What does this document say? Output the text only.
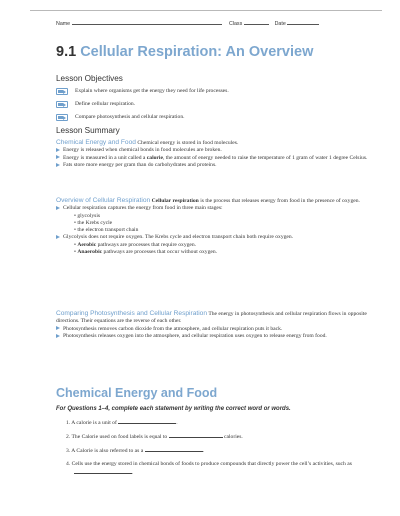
Name	Class	Date
9.1 Cellular Respiration: An Overview
Lesson Objectives
Explain where organisms get the energy they need for life processes.
Define cellular respiration.
Compare photosynthesis and cellular respiration.
Lesson Summary
Chemical Energy and Food Chemical energy is stored in food molecules.
Energy is released when chemical bonds in food molecules are broken.
Energy is measured in a unit called a calorie, the amount of energy needed to raise the temperature of 1 gram of water 1 degree Celsius.
Fats store more energy per gram than do carbohydrates and proteins.
Overview of Cellular Respiration Cellular respiration is the process that releases energy from food in the presence of oxygen.
Cellular respiration captures the energy from food in three main stages:
• glycolysis
• the Krebs cycle
• the electron transport chain
Glycolysis does not require oxygen. The Krebs cycle and electron transport chain both require oxygen.
• Aerobic pathways are processes that require oxygen.
• Anaerobic pathways are processes that occur without oxygen.
Comparing Photosynthesis and Cellular Respiration The energy in photosynthesis and cellular respiration flows in opposite directions. Their equations are the reverse of each other.
Photosynthesis removes carbon dioxide from the atmosphere, and cellular respiration puts it back.
Photosynthesis releases oxygen into the atmosphere, and cellular respiration uses oxygen to release energy from food.
Chemical Energy and Food
For Questions 1–4, complete each statement by writing the correct word or words.
1. A calorie is a unit of	.
2. The Calorie used on food labels is equal to	calories.
3. A Calorie is also referred to as a	.
4. Cells use the energy stored in chemical bonds of foods to produce compounds that directly power the cell’s activities, such as .
